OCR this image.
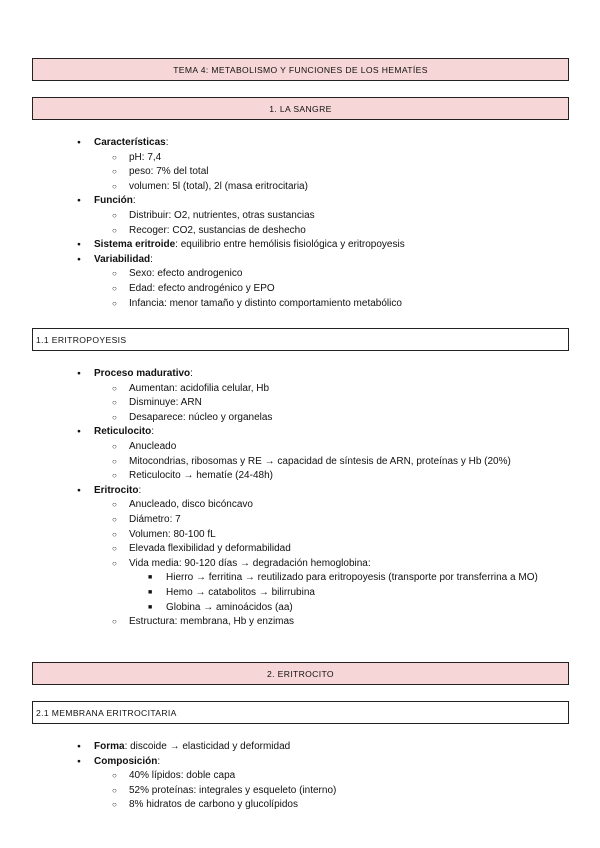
TEMA 4: METABOLISMO Y FUNCIONES DE LOS HEMATÍES
1. LA SANGRE
● Características:
○ pH: 7,4
○ peso: 7% del total
○ volumen: 5l (total), 2l (masa eritrocitaria)
● Función:
○ Distribuir: O2, nutrientes, otras sustancias
○ Recoger: CO2, sustancias de deshecho
● Sistema eritroide: equilibrio entre hemólisis fisiológica y eritropoyesis
● Variabilidad:
○ Sexo: efecto androgenico
○ Edad: efecto androgénico y EPO
○ Infancia: menor tamaño y distinto comportamiento metabólico
1.1 ERITROPOYESIS
● Proceso madurativo:
○ Aumentan: acidofilia celular, Hb
○ Disminuye: ARN
○ Desaparece: núcleo y organelas
● Reticulocito:
○ Anucleado
○ Mitocondrias, ribosomas y RE → capacidad de síntesis de ARN, proteínas y Hb (20%)
○ Reticulocito → hematíe (24-48h)
● Eritrocito:
○ Anucleado, disco bicóncavo
○ Diámetro: 7
○ Volumen: 80-100 fL
○ Elevada flexibilidad y deformabilidad
○ Vida media: 90-120 días → degradación hemoglobina:
■ Hierro → ferritina → reutilizado para eritropoyesis (transporte por transferrina a MO)
■ Hemo → catabolitos → bilirrubina
■ Globina → aminoácidos (aa)
○ Estructura: membrana, Hb y enzimas
2. ERITROCITO
2.1 MEMBRANA ERITROCITARIA
● Forma: discoide → elasticidad y deformidad
● Composición:
○ 40% lípidos: doble capa
○ 52% proteínas: integrales y esqueleto (interno)
○ 8% hidratos de carbono y glucolípidos
